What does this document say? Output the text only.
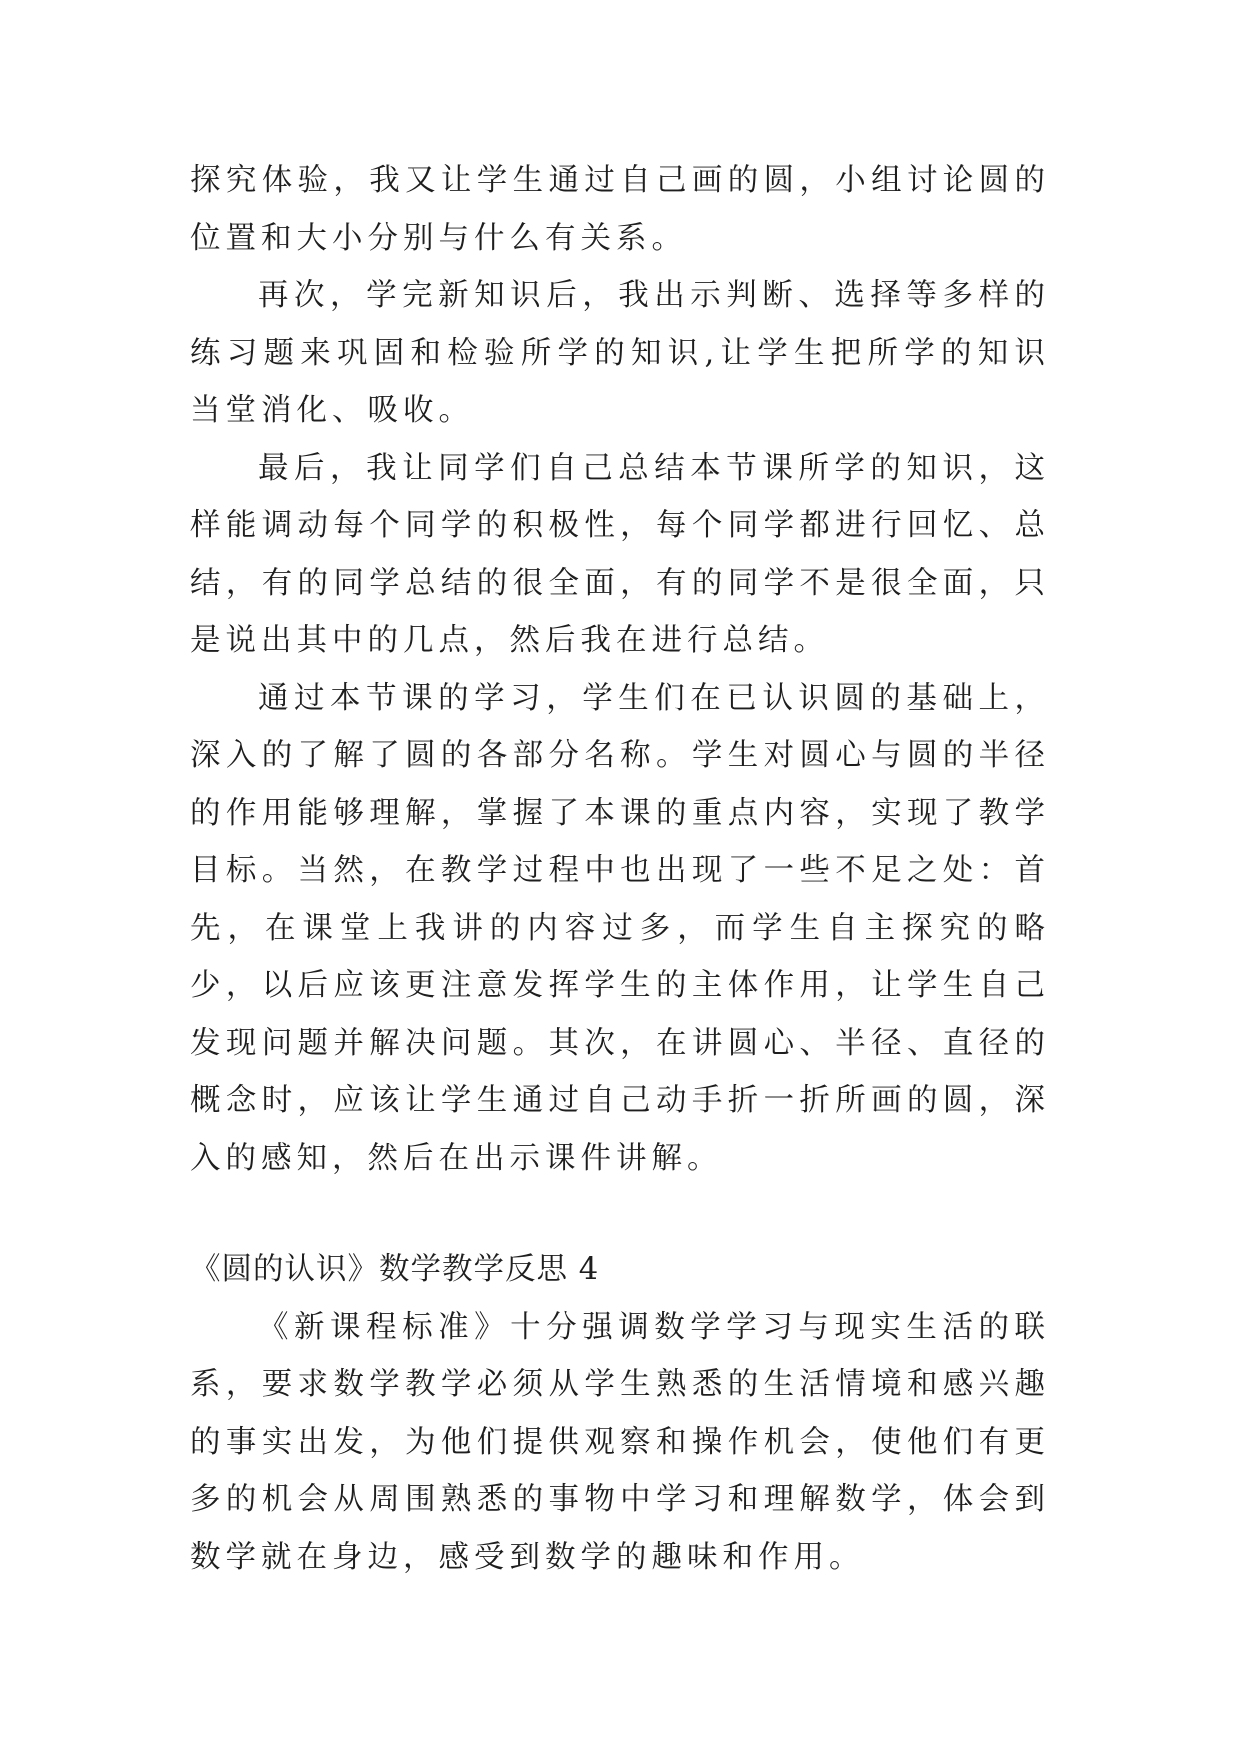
探究体验，我又让学生通过自己画的圆，小组讨论圆的位置和大小分别与什么有关系。

再次，学完新知识后，我出示判断、选择等多样的练习题来巩固和检验所学的知识,让学生把所学的知识当堂消化、吸收。

最后，我让同学们自己总结本节课所学的知识，这样能调动每个同学的积极性，每个同学都进行回忆、总结，有的同学总结的很全面，有的同学不是很全面，只是说出其中的几点，然后我在进行总结。

通过本节课的学习，学生们在已认识圆的基础上，深入的了解了圆的各部分名称。学生对圆心与圆的半径的作用能够理解，掌握了本课的重点内容，实现了教学目标。当然，在教学过程中也出现了一些不足之处：首先，在课堂上我讲的内容过多，而学生自主探究的略少，以后应该更注意发挥学生的主体作用，让学生自己发现问题并解决问题。其次，在讲圆心、半径、直径的概念时，应该让学生通过自己动手折一折所画的圆，深入的感知，然后在出示课件讲解。

《圆的认识》数学教学反思 4

《新课程标准》十分强调数学学习与现实生活的联系，要求数学教学必须从学生熟悉的生活情境和感兴趣的事实出发，为他们提供观察和操作机会，使他们有更多的机会从周围熟悉的事物中学习和理解数学，体会到数学就在身边，感受到数学的趣味和作用。
